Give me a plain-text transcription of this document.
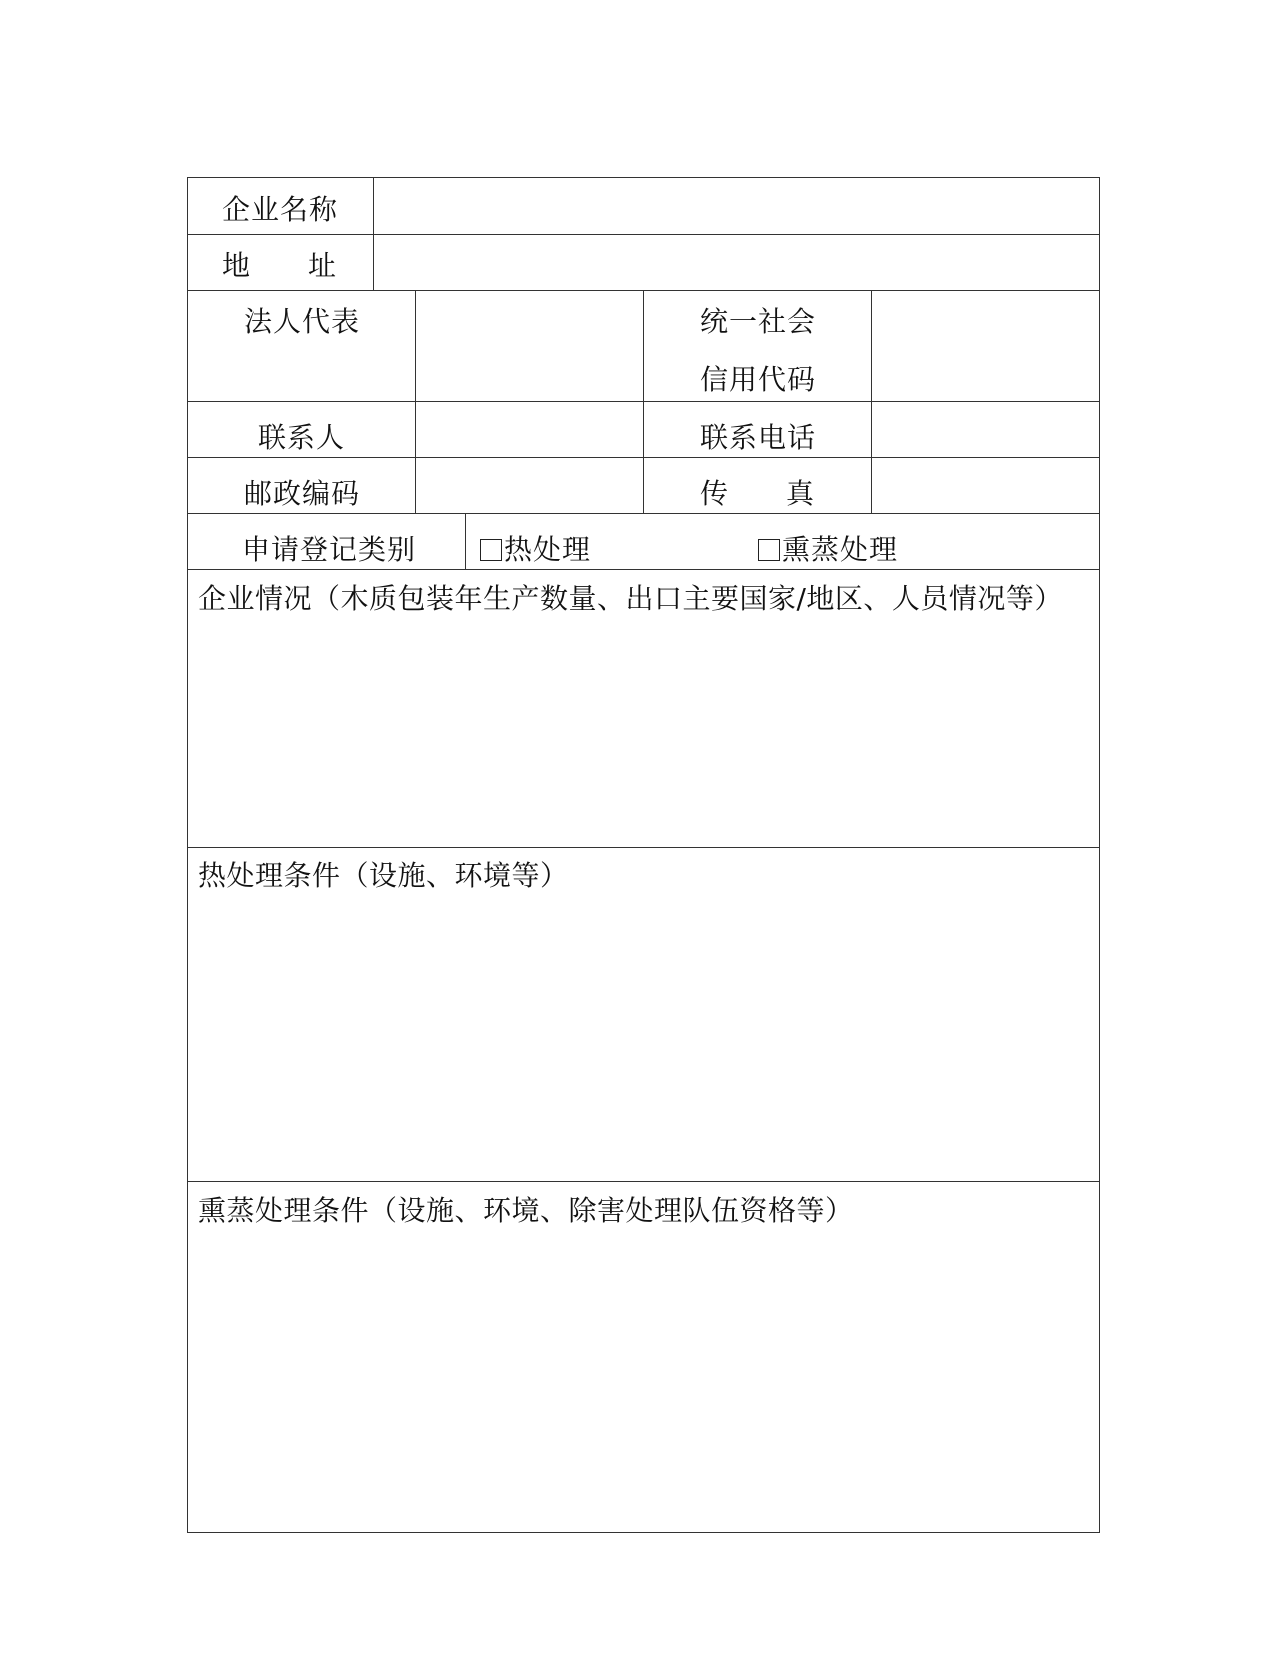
企业名称
地 址
法人代表	统一社会
信用代码
联系人	联系电话
邮政编码	传 真
申请登记类别	热处理	熏蒸处理
企业情况（木质包装年生产数量、出口主要国家/地区、人员情况等）
热处理条件（设施、环境等）
熏蒸处理条件（设施、环境、除害处理队伍资格等）
